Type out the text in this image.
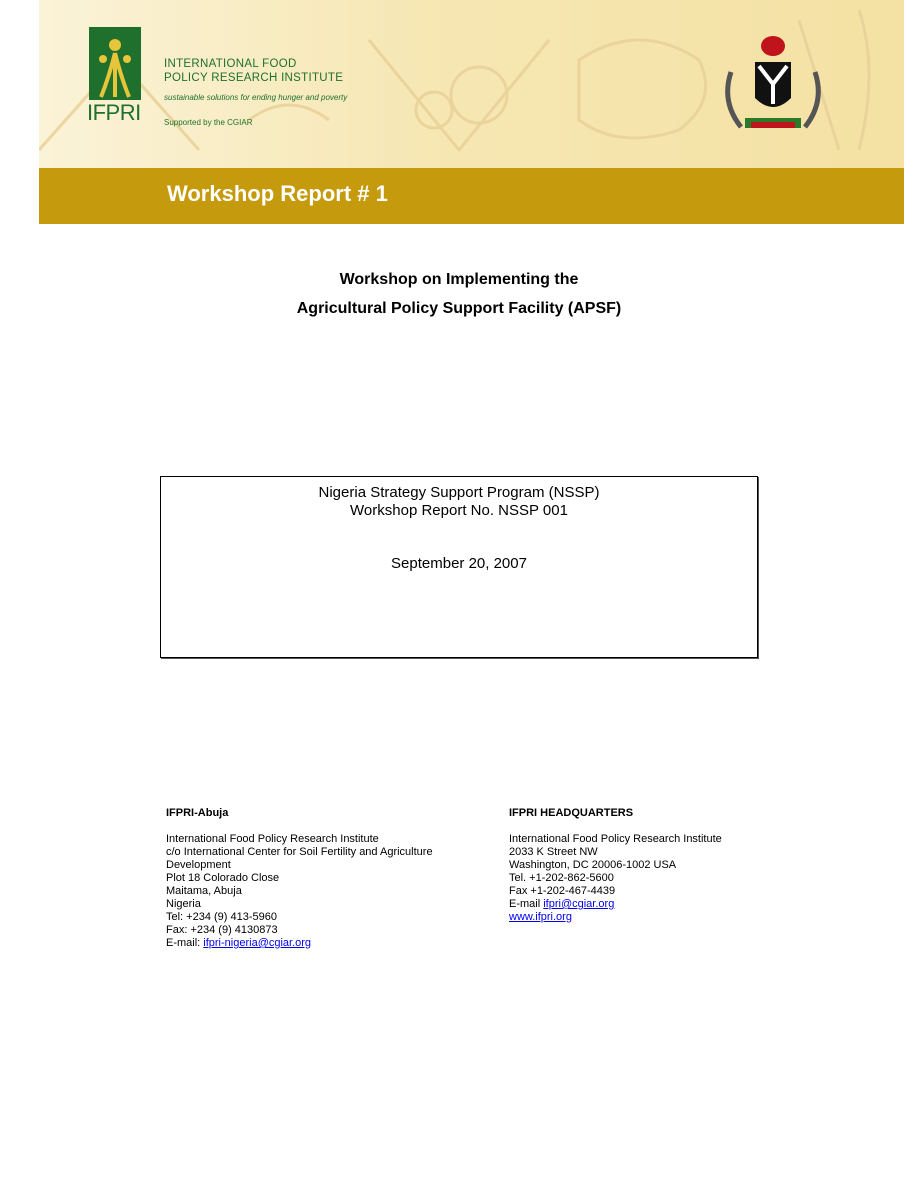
IFPRI
INTERNATIONAL FOOD
POLICY RESEARCH INSTITUTE
sustainable solutions for ending hunger and poverty
Supported by the CGIAR
Workshop Report # 1
Workshop on Implementing the
Agricultural Policy Support Facility (APSF)
Nigeria Strategy Support Program (NSSP)
Workshop Report No. NSSP 001
September 20, 2007
IFPRI-Abuja
International Food Policy Research Institute
c/o International Center for Soil Fertility and Agriculture
Development
Plot 18 Colorado Close
Maitama, Abuja
Nigeria
Tel: +234 (9) 413-5960
Fax: +234 (9) 4130873
E-mail: ifpri-nigeria@cgiar.org
IFPRI HEADQUARTERS
International Food Policy Research Institute
2033 K Street NW
Washington, DC 20006-1002 USA
Tel. +1-202-862-5600
Fax +1-202-467-4439
E-mail ifpri@cgiar.org
www.ifpri.org
